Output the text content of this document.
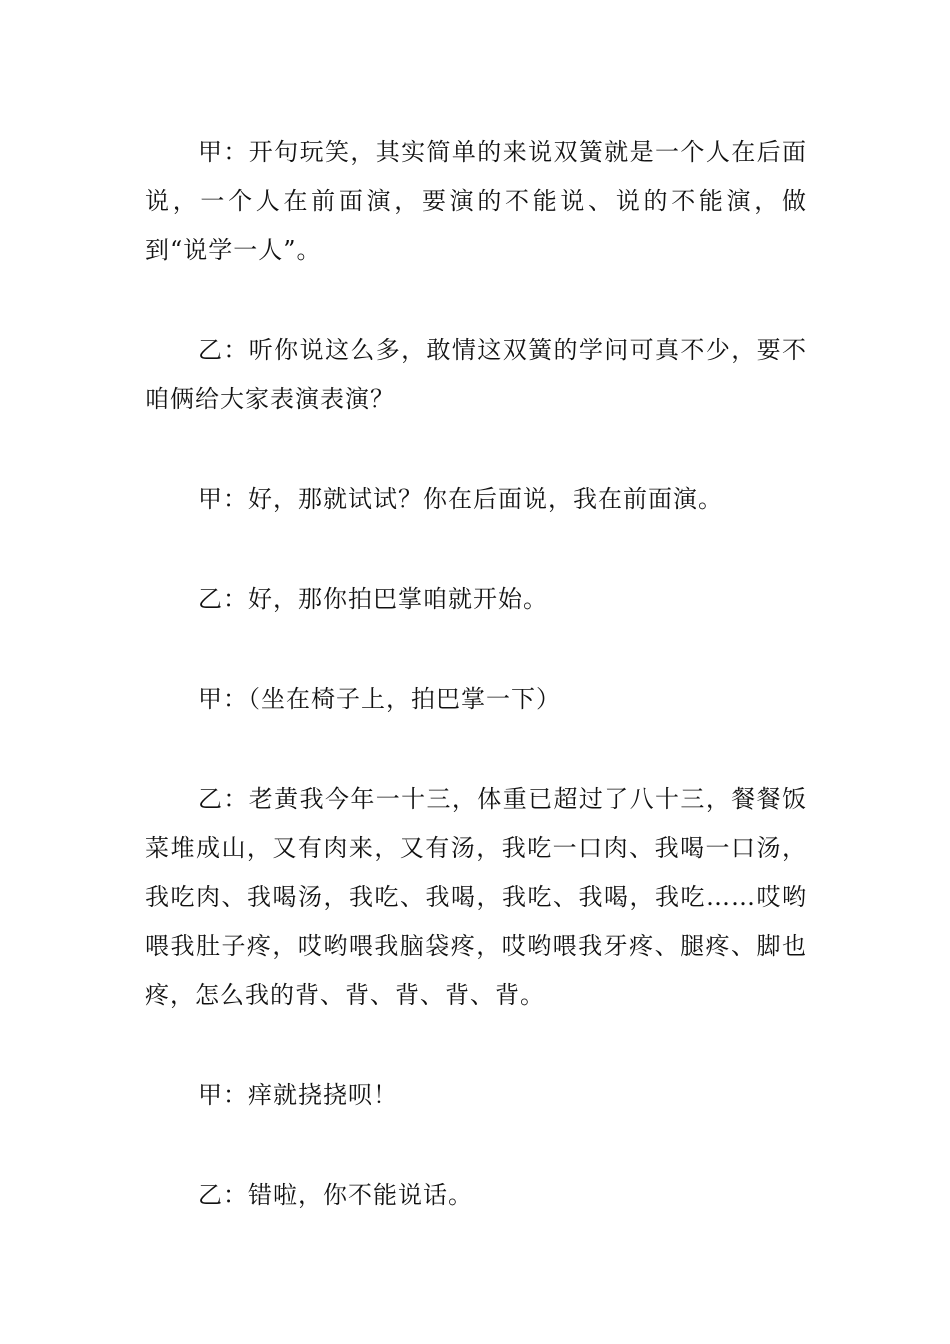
甲：开句玩笑，其实简单的来说双簧就是一个人在后面说，一个人在前面演，要演的不能说、说的不能演，做到“说学一人”。

乙：听你说这么多，敢情这双簧的学问可真不少，要不咱俩给大家表演表演？

甲：好，那就试试？你在后面说，我在前面演。

乙：好，那你拍巴掌咱就开始。

甲：（坐在椅子上，拍巴掌一下）

乙：老黄我今年一十三，体重已超过了八十三，餐餐饭菜堆成山，又有肉来，又有汤，我吃一口肉、我喝一口汤，我吃肉、我喝汤，我吃、我喝，我吃、我喝，我吃……哎哟喂我肚子疼，哎哟喂我脑袋疼，哎哟喂我牙疼、腿疼、脚也疼，怎么我的背、背、背、背、背。

甲：痒就挠挠呗！

乙：错啦，你不能说话。
